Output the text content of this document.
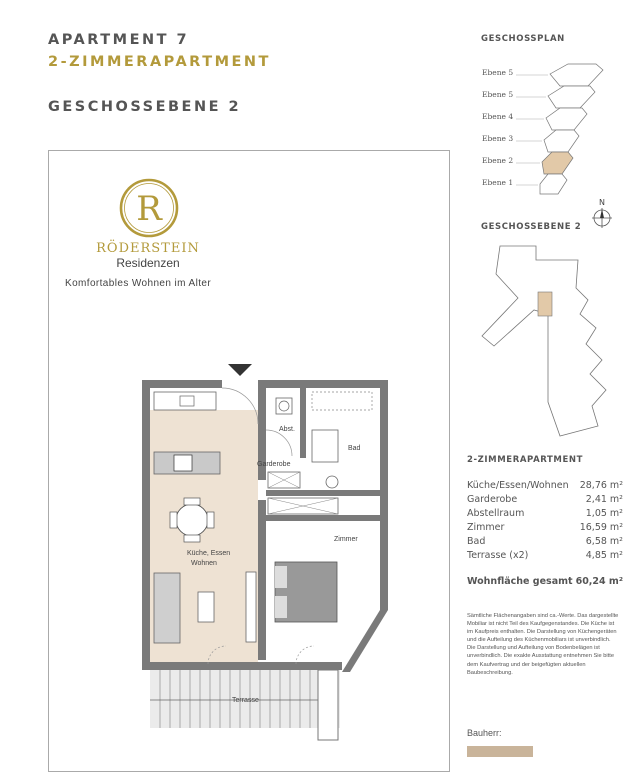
APARTMENT 7
2-ZIMMERAPARTMENT
GESCHOSSEBENE 2
R
RÖDERSTEIN
Residenzen
Komfortables Wohnen im Alter
Abst.
Bad
Garderobe
Zimmer
Küche, Essen
Wohnen
Terrasse
GESCHOSSPLAN
Ebene 5
Ebene 5
Ebene 4
Ebene 3
Ebene 2
Ebene 1
N
GESCHOSSEBENE 2
2-ZIMMERAPARTMENT
Küche/Essen/Wohnen	28,76 m²
Garderobe	2,41 m²
Abstellraum	1,05 m²
Zimmer	16,59 m²
Bad	6,58 m²
Terrasse (x2)	4,85 m²
Wohnfläche gesamt 60,24 m²
Sämtliche Flächenangaben sind ca.-Werte. Das dargestellte Mobiliar ist nicht Teil des Kaufgegenstandes. Die Küche ist im Kaufpreis enthalten. Die Darstellung von Küchengeräten und die Aufteilung des Küchenmobiliars ist unverbindlich. Die Darstellung und Aufteilung von Bodenbelägen ist unverbindlich. Die exakte Ausstattung entnehmen Sie bitte dem Kaufvertrag und der beigefügten aktuellen Baubeschreibung.
Bauherr:
